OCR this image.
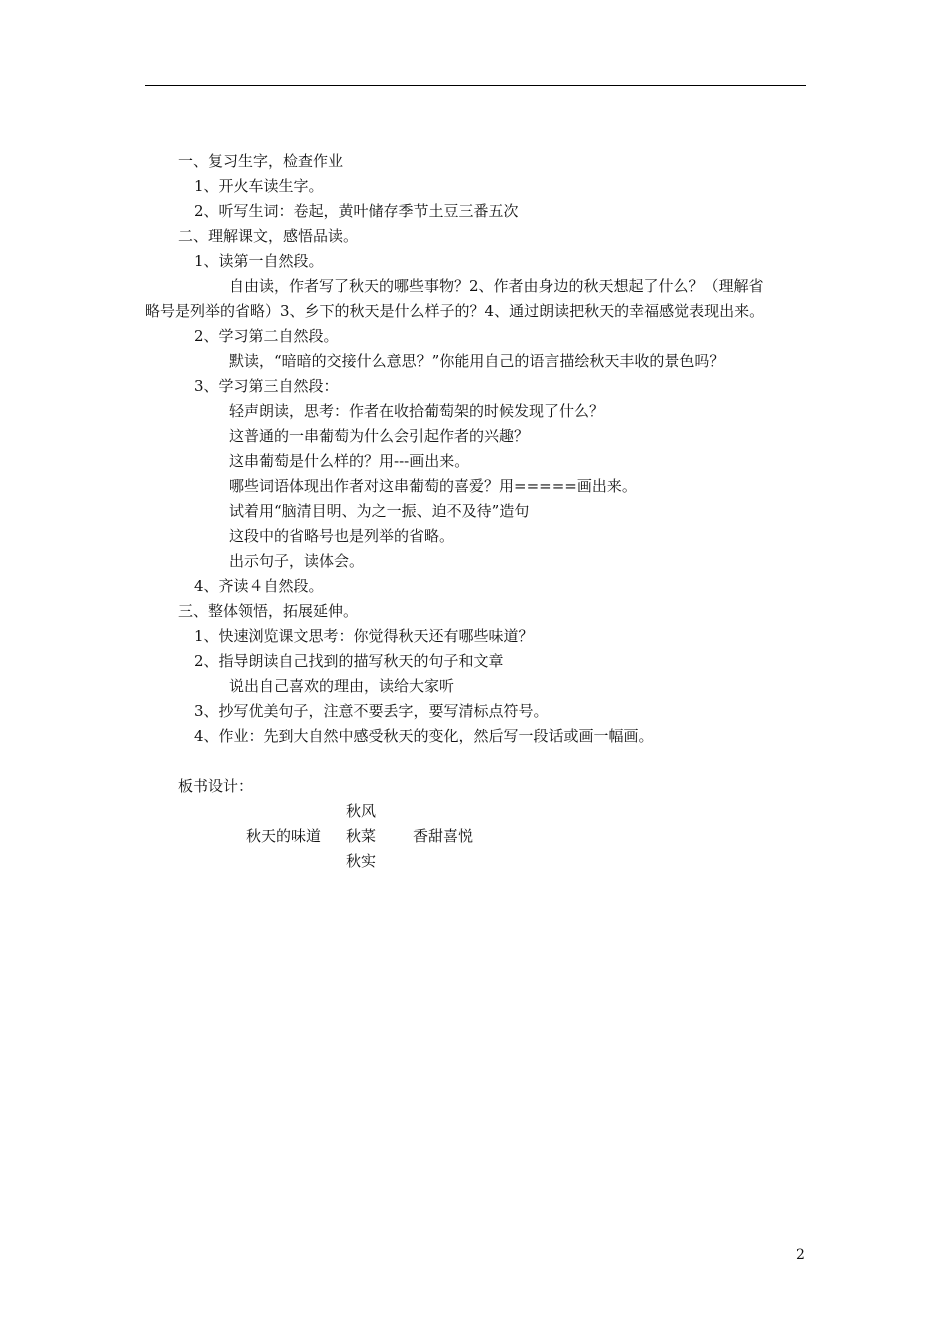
一、复习生字，检查作业
1、开火车读生字。
2、听写生词：卷起，黄叶储存季节土豆三番五次
二、理解课文，感悟品读。
1、读第一自然段。
自由读，作者写了秋天的哪些事物？2、作者由身边的秋天想起了什么？（理解省
略号是列举的省略）3、乡下的秋天是什么样子的？4、通过朗读把秋天的幸福感觉表现出来。
2、学习第二自然段。
默读，“暗暗的交接什么意思？”你能用自己的语言描绘秋天丰收的景色吗？
3、学习第三自然段：
轻声朗读，思考：作者在收拾葡萄架的时候发现了什么？
这普通的一串葡萄为什么会引起作者的兴趣？
这串葡萄是什么样的？用---画出来。
哪些词语体现出作者对这串葡萄的喜爱？用=====画出来。
试着用“脑清目明、为之一振、迫不及待”造句
这段中的省略号也是列举的省略。
出示句子，读体会。
4、齐读４自然段。
三、整体领悟，拓展延伸。
1、快速浏览课文思考：你觉得秋天还有哪些味道？
2、指导朗读自己找到的描写秋天的句子和文章
说出自己喜欢的理由，读给大家听
3、抄写优美句子，注意不要丢字，要写清标点符号。
4、作业：先到大自然中感受秋天的变化，然后写一段话或画一幅画。
板书设计：
秋风
秋天的味道 秋菜 香甜喜悦
秋实
2
